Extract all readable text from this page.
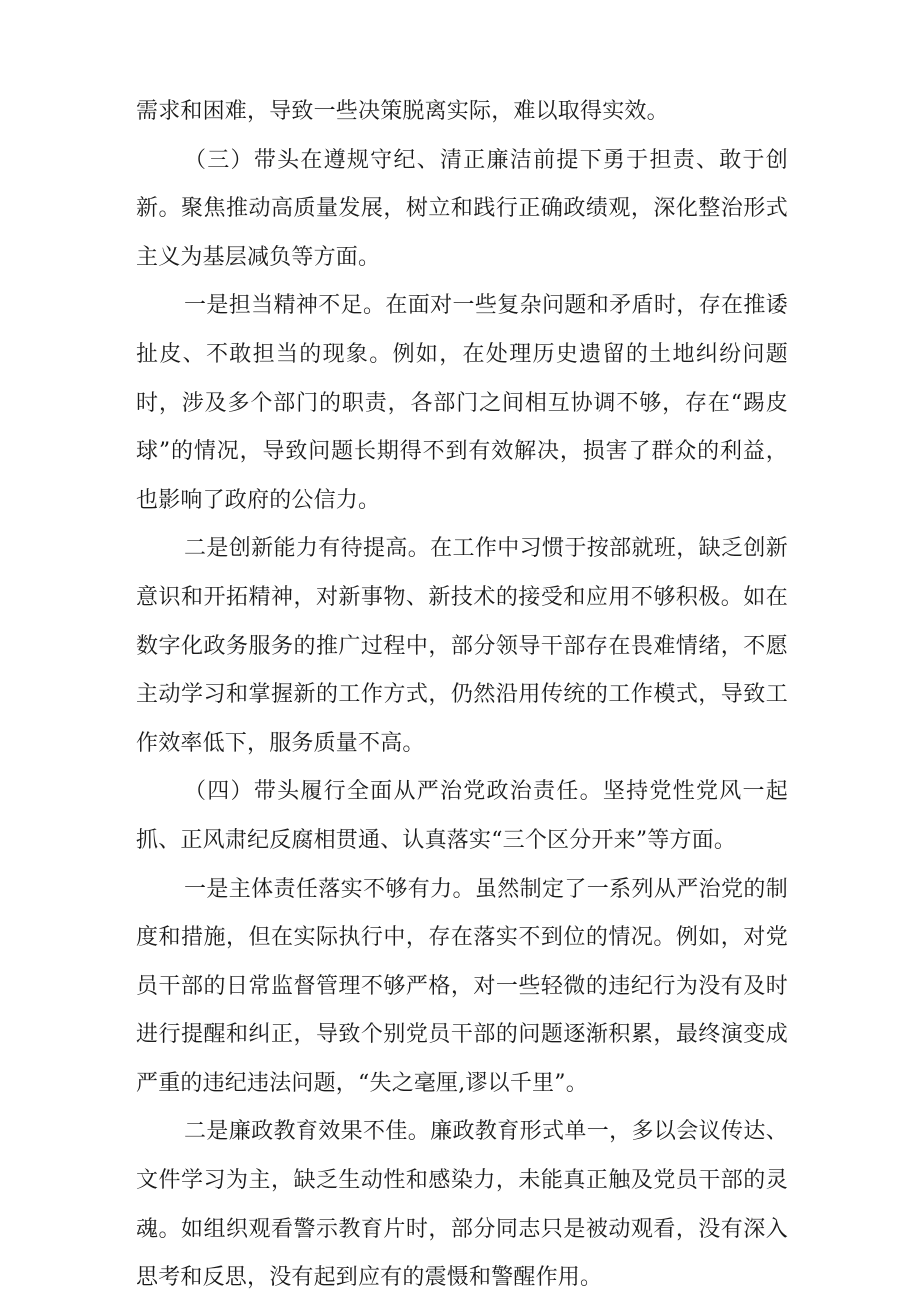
需求和困难，导致一些决策脱离实际，难以取得实效。

（三）带头在遵规守纪、清正廉洁前提下勇于担责、敢于创新。聚焦推动高质量发展，树立和践行正确政绩观，深化整治形式主义为基层减负等方面。

一是担当精神不足。在面对一些复杂问题和矛盾时，存在推诿扯皮、不敢担当的现象。例如，在处理历史遗留的土地纠纷问题时，涉及多个部门的职责，各部门之间相互协调不够，存在“踢皮球”的情况，导致问题长期得不到有效解决，损害了群众的利益，也影响了政府的公信力。

二是创新能力有待提高。在工作中习惯于按部就班，缺乏创新意识和开拓精神，对新事物、新技术的接受和应用不够积极。如在数字化政务服务的推广过程中，部分领导干部存在畏难情绪，不愿主动学习和掌握新的工作方式，仍然沿用传统的工作模式，导致工作效率低下，服务质量不高。

（四）带头履行全面从严治党政治责任。坚持党性党风一起抓、正风肃纪反腐相贯通、认真落实“三个区分开来”等方面。

一是主体责任落实不够有力。虽然制定了一系列从严治党的制度和措施，但在实际执行中，存在落实不到位的情况。例如，对党员干部的日常监督管理不够严格，对一些轻微的违纪行为没有及时进行提醒和纠正，导致个别党员干部的问题逐渐积累，最终演变成严重的违纪违法问题，“失之毫厘,谬以千里”。

二是廉政教育效果不佳。廉政教育形式单一，多以会议传达、文件学习为主，缺乏生动性和感染力，未能真正触及党员干部的灵魂。如组织观看警示教育片时，部分同志只是被动观看，没有深入思考和反思，没有起到应有的震慑和警醒作用。
